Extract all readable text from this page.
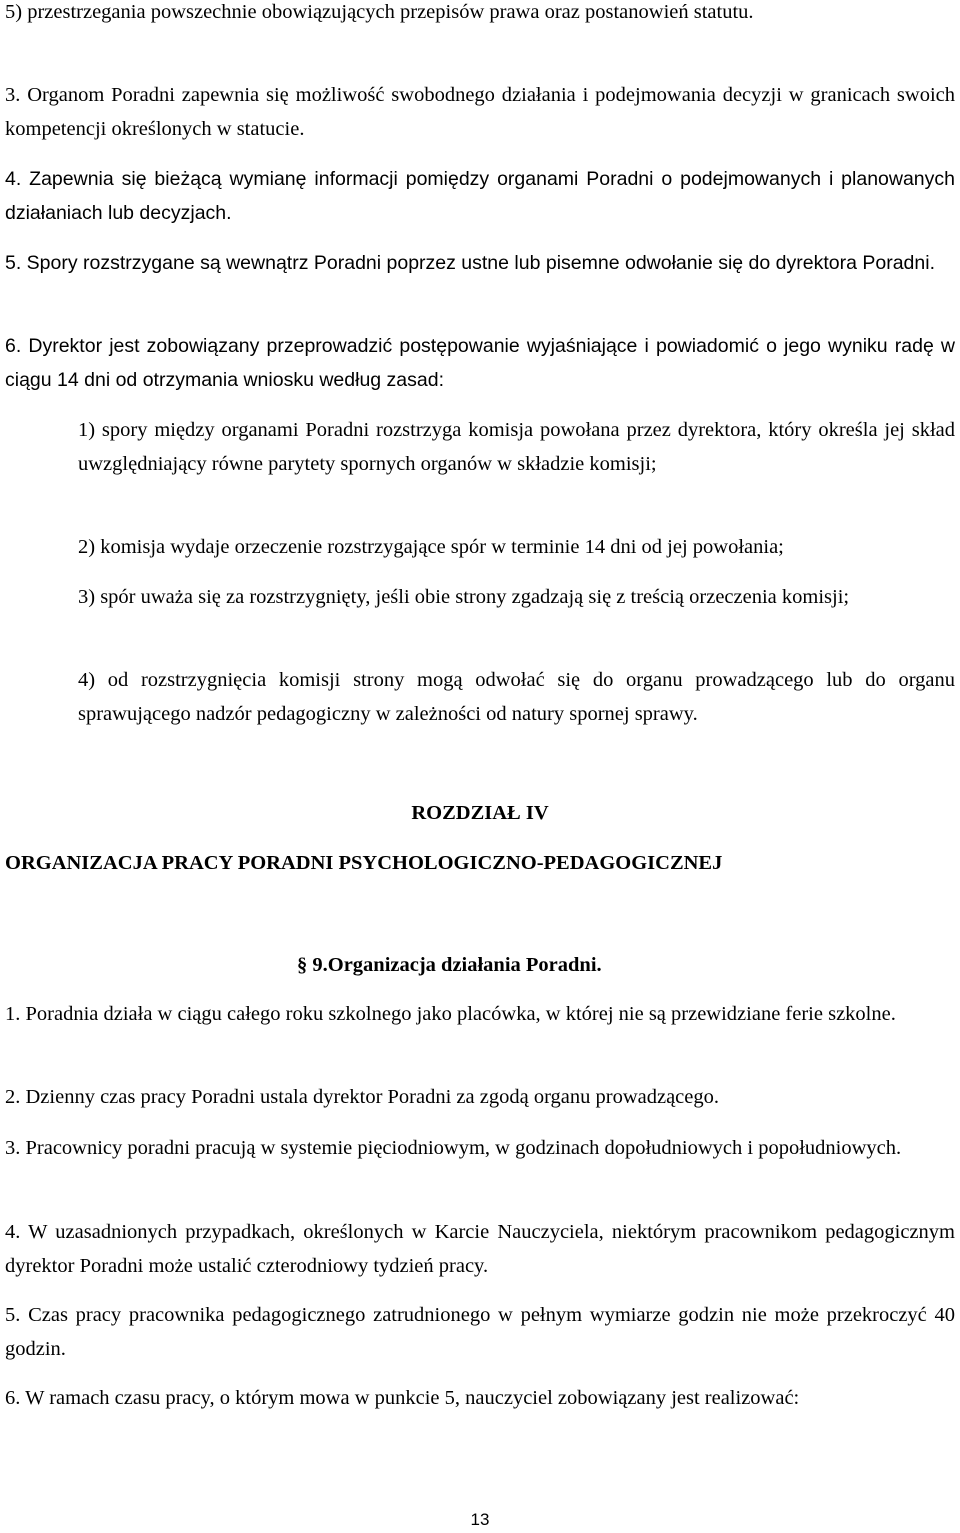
5) przestrzegania powszechnie obowiązujących przepisów prawa oraz postanowień statutu.

3. Organom Poradni zapewnia się możliwość swobodnego działania i podejmowania decyzji w granicach swoich kompetencji określonych w statucie.

4. Zapewnia się bieżącą wymianę informacji pomiędzy organami Poradni o podejmowanych i planowanych działaniach lub decyzjach.

5. Spory rozstrzygane są wewnątrz Poradni poprzez ustne lub pisemne odwołanie się do dyrektora Poradni.

6. Dyrektor jest zobowiązany przeprowadzić postępowanie wyjaśniające i powiadomić o jego wyniku radę w ciągu 14 dni od otrzymania wniosku według zasad:

1) spory między organami Poradni rozstrzyga komisja powołana przez dyrektora, który określa jej skład uwzględniający równe parytety spornych organów w składzie komisji;

2) komisja wydaje orzeczenie rozstrzygające spór w terminie 14 dni od jej powołania;

3) spór uważa się za rozstrzygnięty, jeśli obie strony zgadzają się z treścią orzeczenia komisji;

4) od rozstrzygnięcia komisji strony mogą odwołać się do organu prowadzącego lub do organu sprawującego nadzór pedagogiczny w zależności od natury spornej sprawy.

ROZDZIAŁ IV

ORGANIZACJA PRACY PORADNI PSYCHOLOGICZNO-PEDAGOGICZNEJ

§ 9.Organizacja działania Poradni.

1. Poradnia działa w ciągu całego roku szkolnego jako placówka, w której nie są przewidziane ferie szkolne.

2. Dzienny czas pracy Poradni ustala dyrektor Poradni za zgodą organu prowadzącego.

3. Pracownicy poradni pracują w systemie pięciodniowym, w godzinach dopołudniowych i popołudniowych.

4. W uzasadnionych przypadkach, określonych w Karcie Nauczyciela, niektórym pracownikom pedagogicznym dyrektor Poradni może ustalić czterodniowy tydzień pracy.

5. Czas pracy pracownika pedagogicznego zatrudnionego w pełnym wymiarze godzin nie może przekroczyć 40 godzin.

6. W ramach czasu pracy, o którym mowa w punkcie 5, nauczyciel zobowiązany jest realizować:

13
